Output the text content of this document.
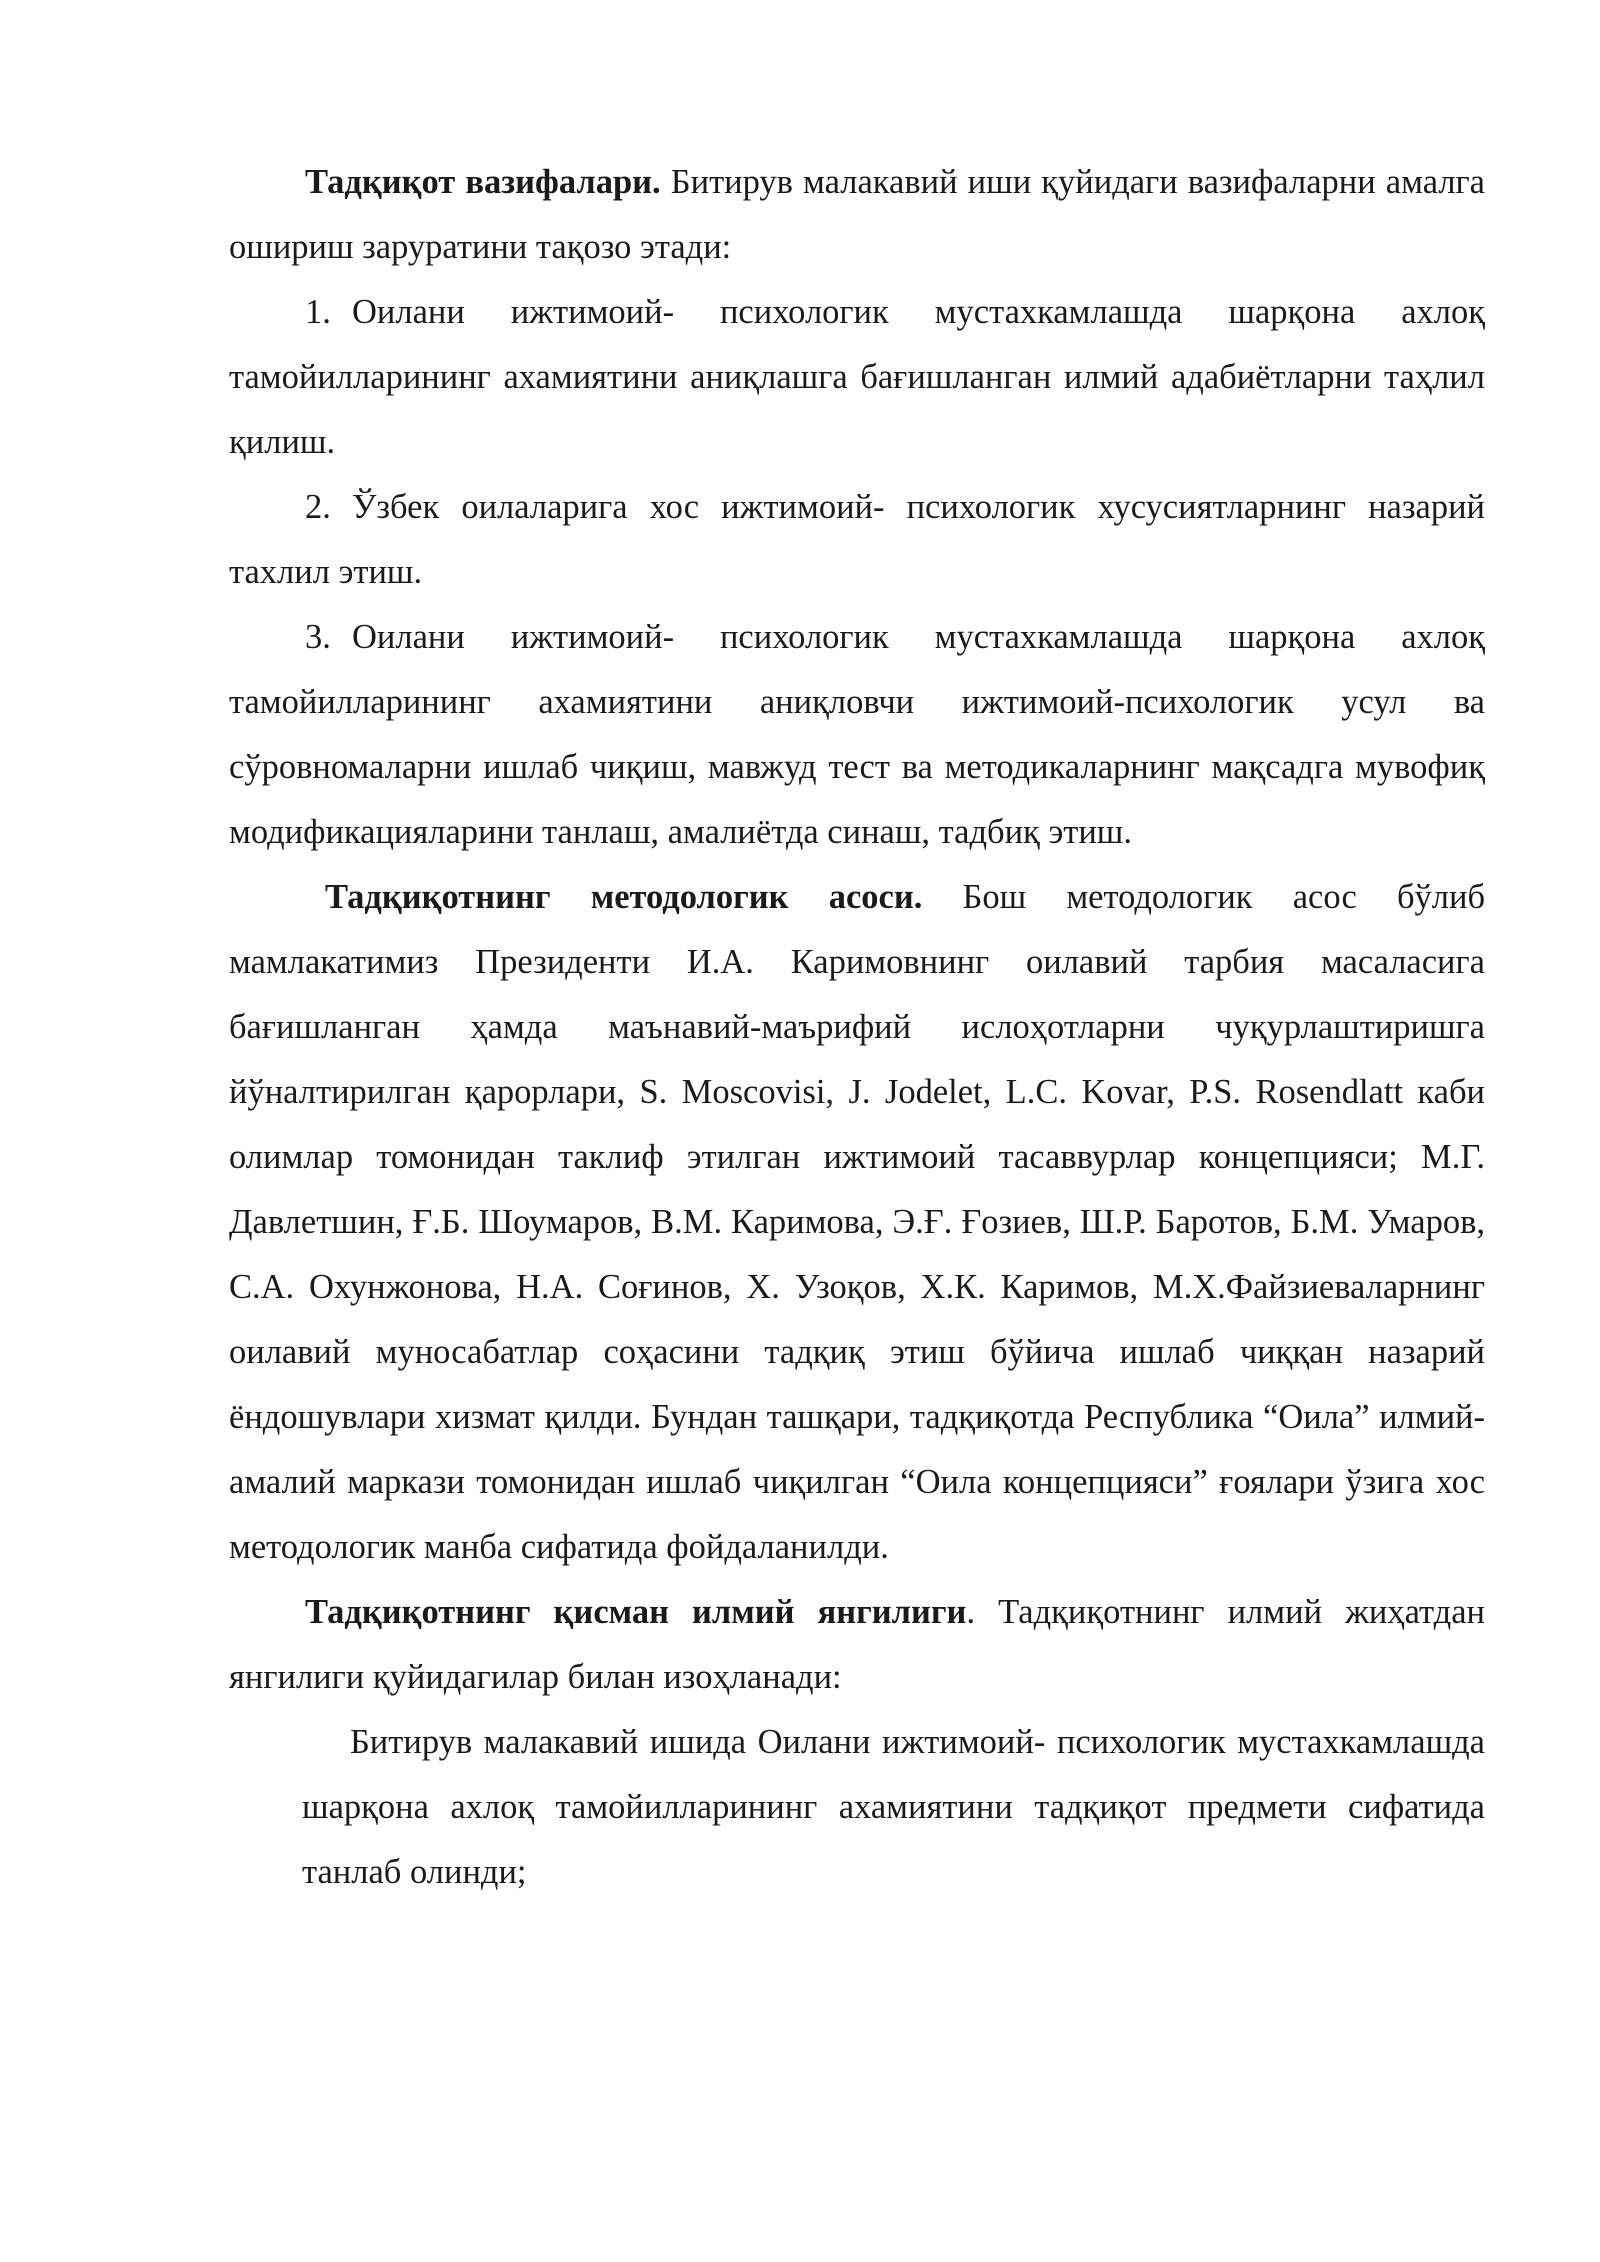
Тадқиқот вазифалари. Битирув малакавий иши қуйидаги вазифаларни амалга ошириш заруратини тақозо этади:

1. Оилани ижтимоий- психологик мустахкамлашда шарқона ахлоқ тамойилларининг ахамиятини аниқлашга бағишланган илмий адабиётларни таҳлил қилиш.

2. Ўзбек оилаларига хос ижтимоий- психологик хусусиятларнинг назарий тахлил этиш.

3. Оилани ижтимоий- психологик мустахкамлашда шарқона ахлоқ тамойилларининг ахамиятини аниқловчи ижтимоий-психологик усул ва сўровномаларни ишлаб чиқиш, мавжуд тест ва методикаларнинг мақсадга мувофиқ модификацияларини танлаш, амалиётда синаш, тадбиқ этиш.

Тадқиқотнинг методологик асоси. Бош методологик асос бўлиб мамлакатимиз Президенти И.А. Каримовнинг оилавий тарбия масаласига бағишланган ҳамда маънавий-маърифий ислоҳотларни чуқурлаштиришга йўналтирилган қарорлари, S. Moscovisi, J. Jodelet, L.C. Kovar, P.S. Rosendlatt каби олимлар томонидан таклиф этилган ижтимоий тасаввурлар концепцияси; М.Г. Давлетшин, Ғ.Б. Шоумаров, В.М. Каримова, Э.Ғ. Ғозиев, Ш.Р. Баротов, Б.М. Умаров, С.А. Охунжонова, Н.А. Соғинов, Х. Узоқов, Х.К. Каримов, М.Х.Файзиеваларнинг оилавий муносабатлар соҳасини тадқиқ этиш бўйича ишлаб чиққан назарий ёндошувлари хизмат қилди. Бундан ташқари, тадқиқотда Республика “Оила” илмий-амалий маркази томонидан ишлаб чиқилган “Оила концепцияси” ғоялари ўзига хос методологик манба сифатида фойдаланилди.

Тадқиқотнинг қисман илмий янгилиги. Тадқиқотнинг илмий жиҳатдан янгилиги қуйидагилар билан изоҳланади:

Битирув малакавий ишида Оилани ижтимоий- психологик мустахкамлашда шарқона ахлоқ тамойилларининг ахамиятини тадқиқот предмети сифатида танлаб олинди;
